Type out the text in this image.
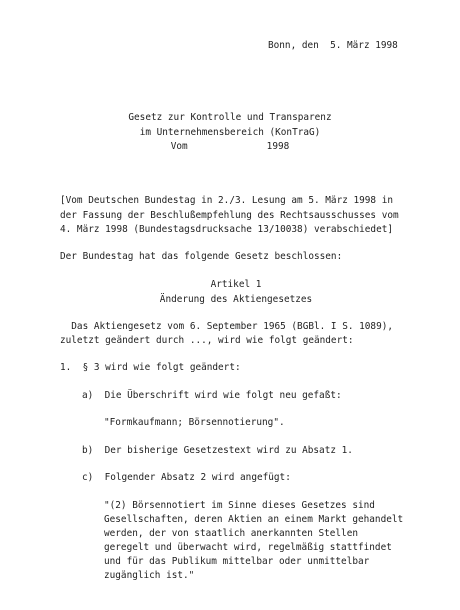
Bonn, den  5. März 1998
Gesetz zur Kontrolle und Transparenz
im Unternehmensbereich (KonTraG)
Vom              1998
[Vom Deutschen Bundestag in 2./3. Lesung am 5. März 1998 in
der Fassung der Beschlußempfehlung des Rechtsausschusses vom
4. März 1998 (Bundestagsdrucksache 13/10038) verabschiedet]
Der Bundestag hat das folgende Gesetz beschlossen:
Artikel 1
Änderung des Aktiengesetzes
Das Aktiengesetz vom 6. September 1965 (BGBl. I S. 1089),
zuletzt geändert durch ..., wird wie folgt geändert:
1.  § 3 wird wie folgt geändert:
a)  Die Überschrift wird wie folgt neu gefaßt:
"Formkaufmann; Börsennotierung".
b)  Der bisherige Gesetzestext wird zu Absatz 1.
c)  Folgender Absatz 2 wird angefügt:
"(2) Börsennotiert im Sinne dieses Gesetzes sind
Gesellschaften, deren Aktien an einem Markt gehandelt
werden, der von staatlich anerkannten Stellen
geregelt und überwacht wird, regelmäßig stattfindet
und für das Publikum mittelbar oder unmittelbar
zugänglich ist."
